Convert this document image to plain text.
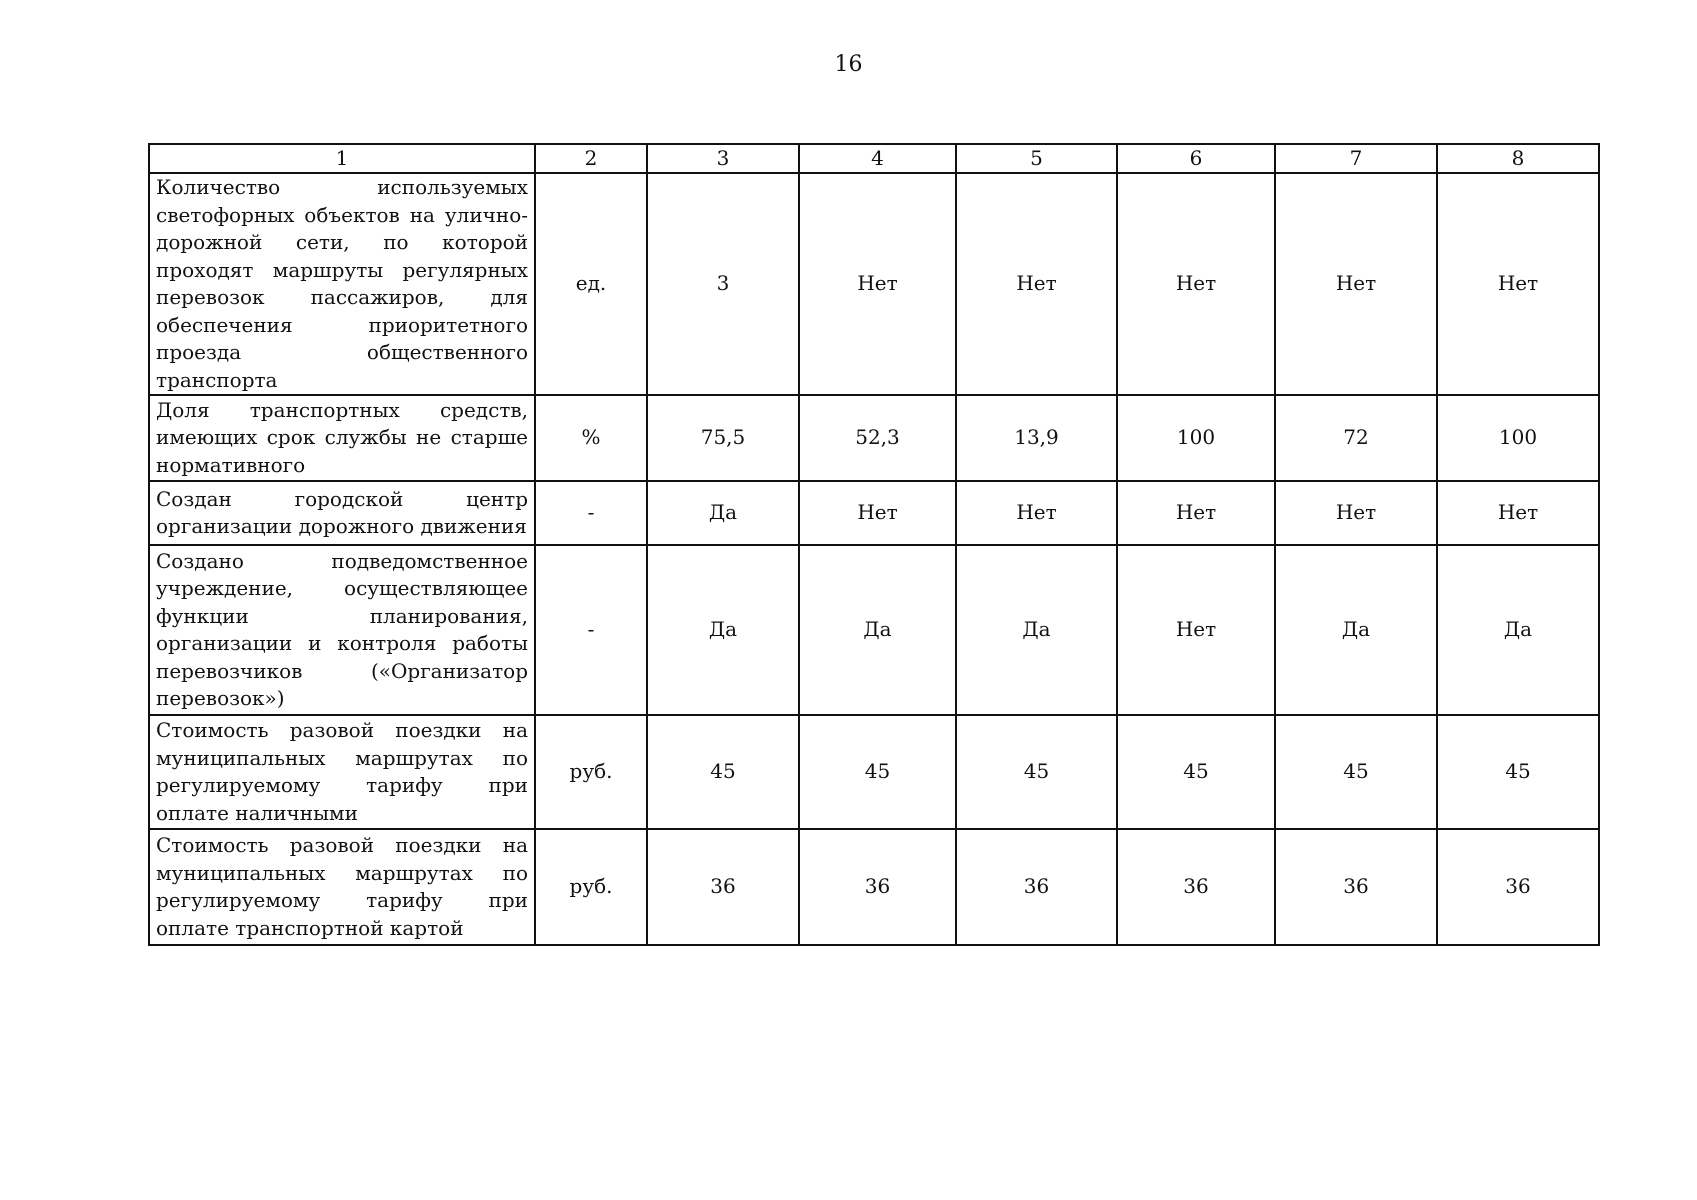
16
1	2	3	4	5	6	7	8
Количество используемых светофорных объектов на улично-дорожной сети, по которой проходят маршруты регулярных перевозок пассажиров, для обеспечения приоритетного проезда общественного транспорта	ед.	3	Нет	Нет	Нет	Нет	Нет
Доля транспортных средств, имеющих срок службы не старше нормативного	%	75,5	52,3	13,9	100	72	100
Создан городской центр организации дорожного движения	-	Да	Нет	Нет	Нет	Нет	Нет
Создано подведомственное учреждение, осуществляющее функции планирования, организации и контроля работы перевозчиков («Организатор перевозок»)	-	Да	Да	Да	Нет	Да	Да
Стоимость разовой поездки на муниципальных маршрутах по регулируемому тарифу при оплате наличными	руб.	45	45	45	45	45	45
Стоимость разовой поездки на муниципальных маршрутах по регулируемому тарифу при оплате транспортной картой	руб.	36	36	36	36	36	36
